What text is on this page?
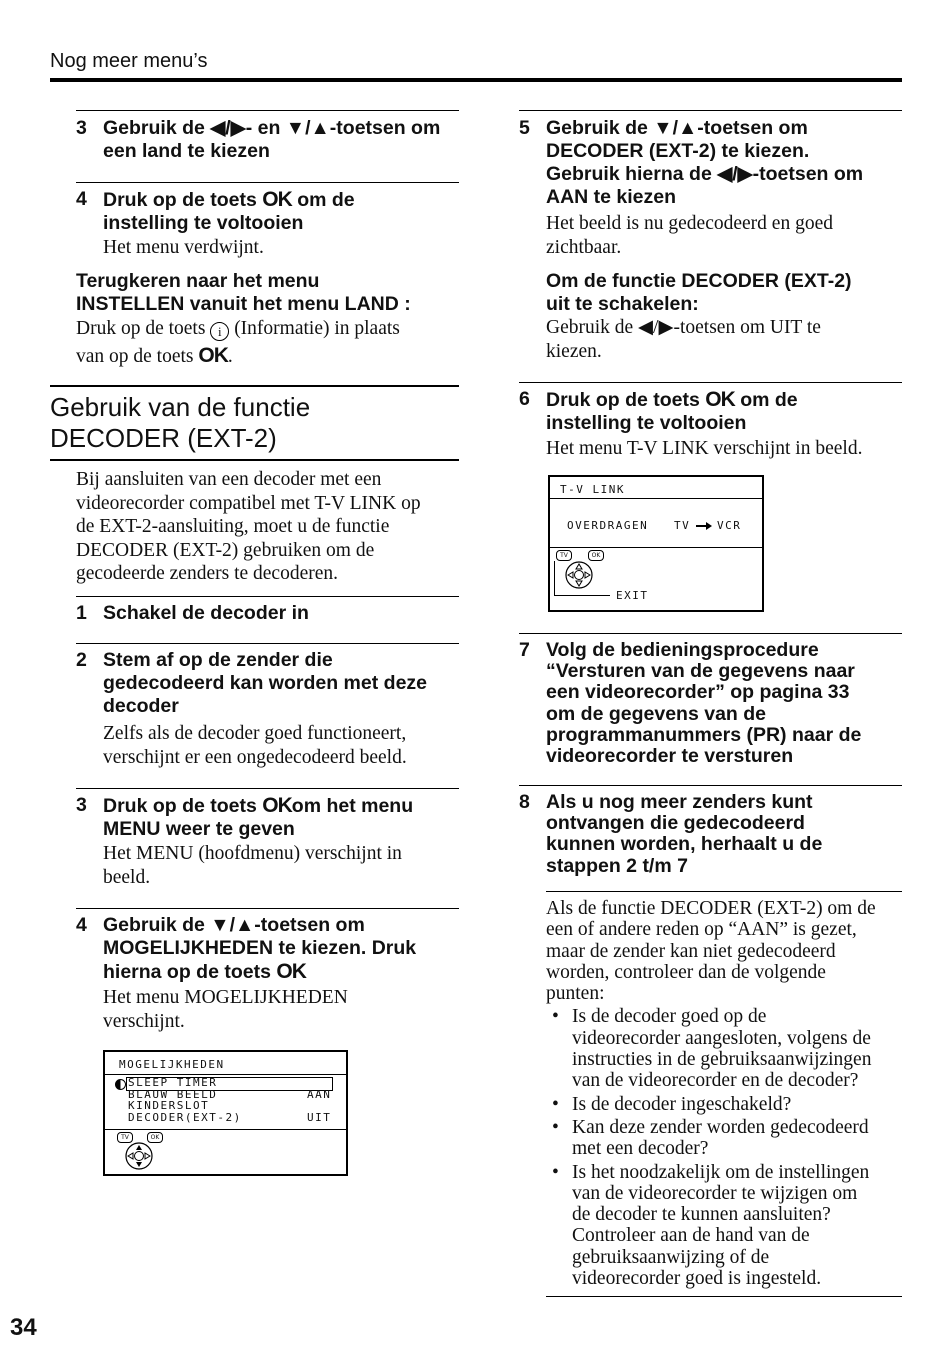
Nog meer menu’s
3 Gebruik de ◀/▶- en ▼/▲-toetsen om
een land te kiezen
4 Druk op de toets OK om de
instelling te voltooien
Het menu verdwijnt.
Terugkeren naar het menu
INSTELLEN vanuit het menu LAND :
Druk op de toets i (Informatie) in plaats
van op de toets OK.
Gebruik van de functie
DECODER (EXT-2)
Bij aansluiten van een decoder met een
videorecorder compatibel met T-V LINK op
de EXT-2-aansluiting, moet u de functie
DECODER (EXT-2) gebruiken om de
gecodeerde zenders te decoderen.
1 Schakel de decoder in
2 Stem af op de zender die
gedecodeerd kan worden met deze
decoder
Zelfs als de decoder goed functioneert,
verschijnt er een ongedecodeerd beeld.
3 Druk op de toets OKom het menu
MENU weer te geven
Het MENU (hoofdmenu) verschijnt in
beeld.
4 Gebruik de ▼/▲-toetsen om
MOGELIJKHEDEN te kiezen. Druk
hierna op de toets OK
Het menu MOGELIJKHEDEN
verschijnt.
MOGELIJKHEDEN
SLEEP TIMER
BLAUW BEELD
KINDERSLOT
DECODER(EXT-2)
AAN

UIT
TV	OK
5 Gebruik de ▼/▲-toetsen om
DECODER (EXT-2) te kiezen.
Gebruik hierna de ◀/▶-toetsen om
AAN te kiezen
Het beeld is nu gedecodeerd en goed
zichtbaar.
Om de functie DECODER (EXT-2)
uit te schakelen:
Gebruik de ◀/▶-toetsen om UIT te
kiezen.
6 Druk op de toets OK om de
instelling te voltooien
Het menu T-V LINK verschijnt in beeld.
T-V LINK
OVERDRAGEN TV VCR
TV	OK
EXIT
7 Volg de bedieningsprocedure
“Versturen van de gegevens naar
een videorecorder” op pagina 33
om de gegevens van de
programmanummers (PR) naar de
videorecorder te versturen
8 Als u nog meer zenders kunt
ontvangen die gedecodeerd
kunnen worden, herhaalt u de
stappen 2 t/m 7
Als de functie DECODER (EXT-2) om de
een of andere reden op “AAN” is gezet,
maar de zender kan niet gedecodeerd
worden, controleer dan de volgende
punten:
• Is de decoder goed op de
videorecorder aangesloten, volgens de
instructies in de gebruiksaanwijzingen
van de videorecorder en de decoder?
• Is de decoder ingeschakeld?
• Kan deze zender worden gedecodeerd
met een decoder?
• Is het noodzakelijk om de instellingen
van de videorecorder te wijzigen om
de decoder te kunnen aansluiten?
Controleer aan de hand van de
gebruiksaanwijzing of de
videorecorder goed is ingesteld.
34
